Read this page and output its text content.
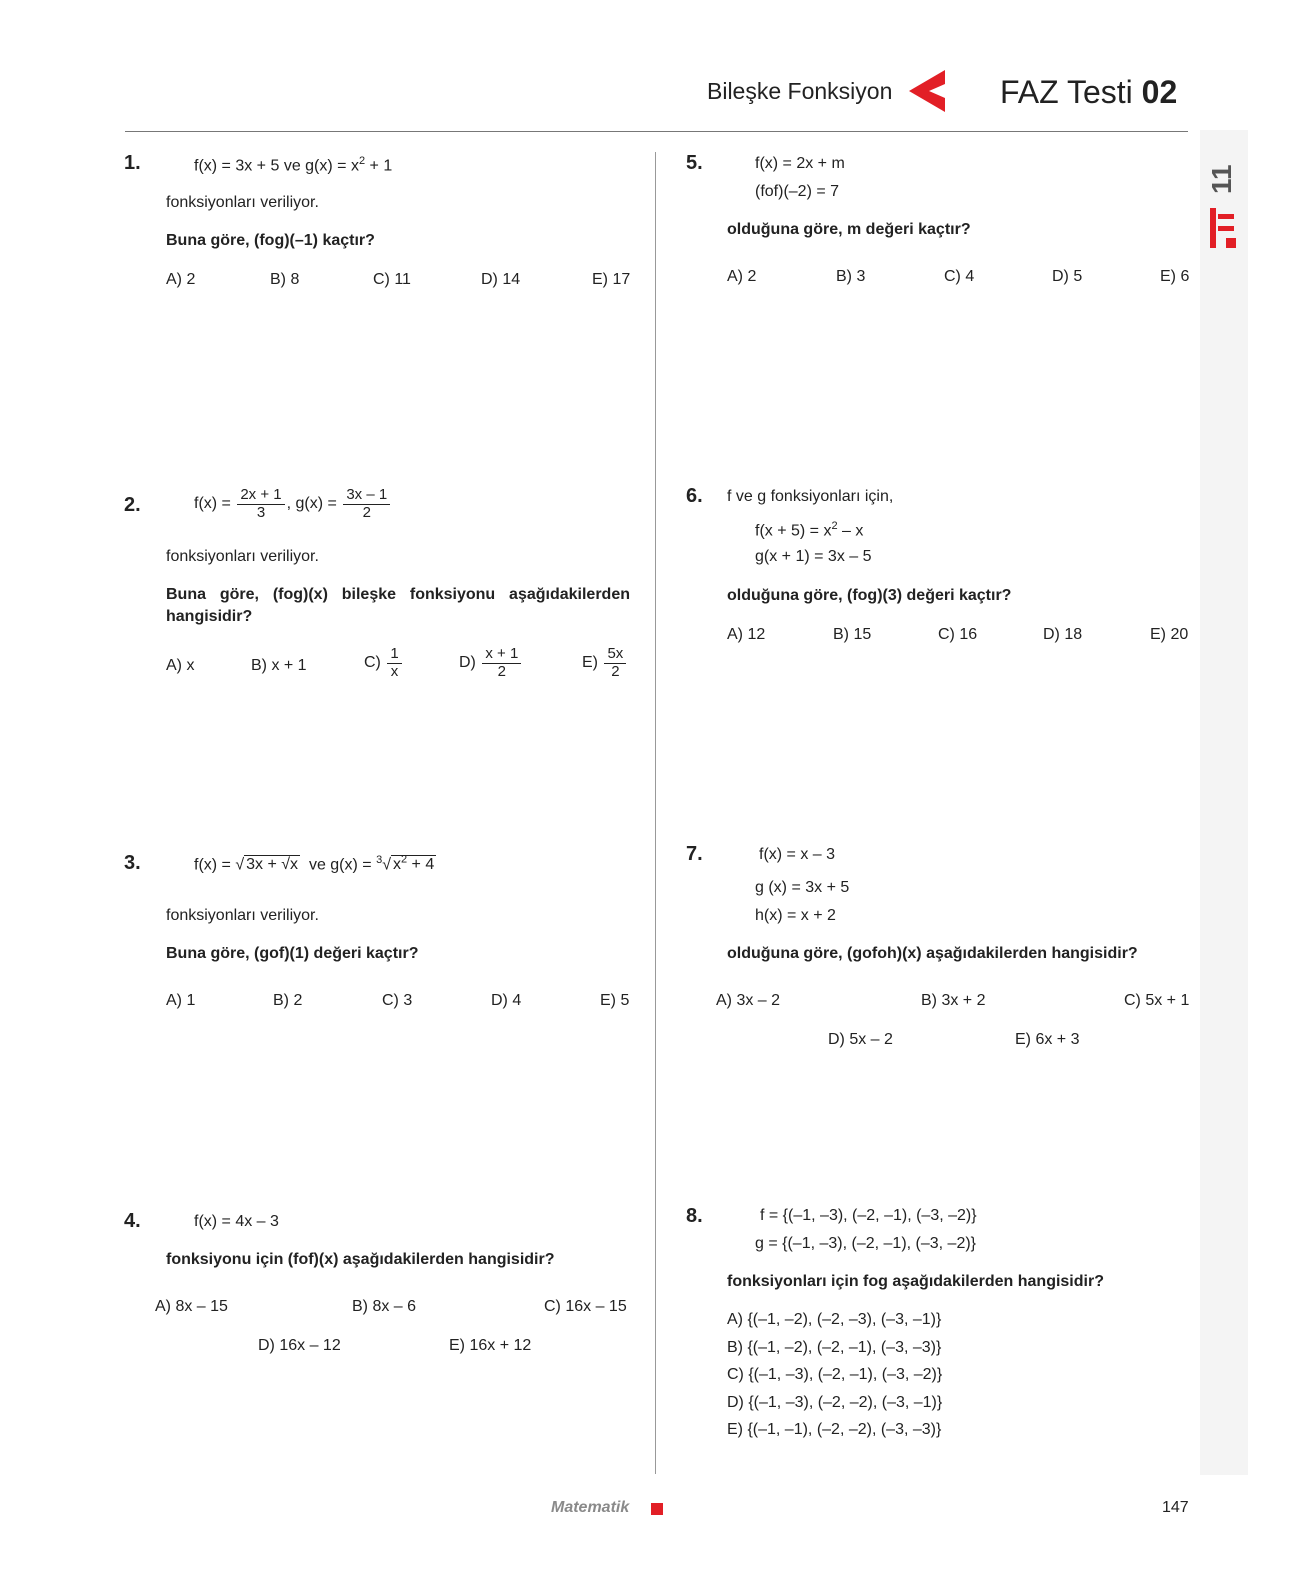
Bileşke Fonksiyon	FAZ Testi 02
11
1.	f(x) = 3x + 5 ve $g(x) = x^2 + 1$
fonksiyonları veriliyor.
Buna göre, (fog)(–1) kaçtır?
A) 2	B) 8	C) 11	D) 14	E) 17
2.	$f(x) = \frac{2x + 1}{3}$ , $g(x) = \frac{3x - 1}{2}$
fonksiyonları veriliyor.
Buna göre, (fog)(x) bileşke fonksiyonu aşağıdakilerden
hangisidir?
A) x	B) x + 1	$C) \frac{1}{x}$	$D) \frac{x + 1}{2}$	$E) \frac{5x}{2}$
3.	f(x) = √ 3x + √x ve g(x) = $^3$√ $x^2 + 4$
fonksiyonları veriliyor.
Buna göre, (gof)(1) değeri kaçtır?
A) 1	B) 2	C) 3	D) 4	E) 5
4.	f(x) = 4x – 3
fonksiyonu için (fof)(x) aşağıdakilerden hangisidir?
A) 8x – 15	B) 8x – 6	C) 16x – 15
D) 16x – 12	E) 16x + 12
5.	f(x) = 2x + m
(fof)(–2) = 7
olduğuna göre, m değeri kaçtır?
A) 2	B) 3	C) 4	D) 5	E) 6
6. f ve g fonksiyonları için,
$f(x + 5) = x^2 - x$
g(x + 1) = 3x – 5
olduğuna göre, (fog)(3) değeri kaçtır?
A) 12	B) 15	C) 16	D) 18	E) 20
7.	f(x) = x – 3
g (x) = 3x + 5
h(x) = x + 2
olduğuna göre, (gofoh)(x) aşağıdakilerden hangisidir?
A) 3x – 2	B) 3x + 2	C) 5x + 1
D) 5x – 2	E) 6x + 3
8.	f = {(–1, –3), (–2, –1), (–3, –2)}
g = {(–1, –3), (–2, –1), (–3, –2)}
fonksiyonları için fog aşağıdakilerden hangisidir?
A) {(–1, –2), (–2, –3), (–3, –1)}
B) {(–1, –2), (–2, –1), (–3, –3)}
C) {(–1, –3), (–2, –1), (–3, –2)}
D) {(–1, –3), (–2, –2), (–3, –1)}
E) {(–1, –1), (–2, –2), (–3, –3)}
Matematik	147
